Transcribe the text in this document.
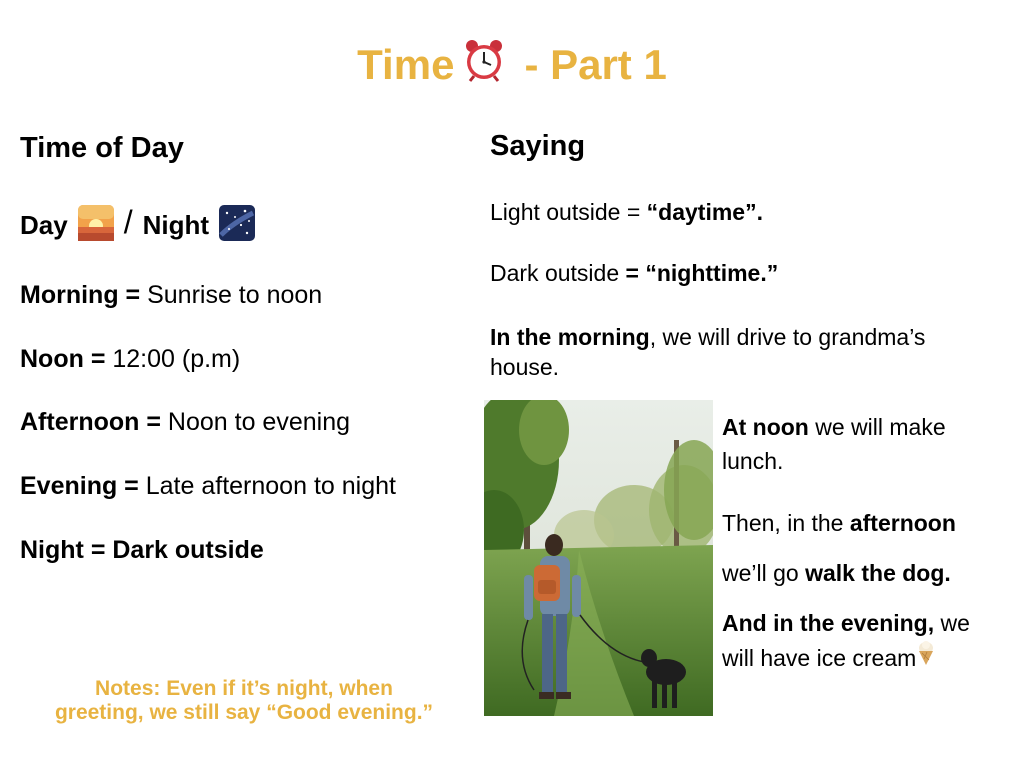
Time - Part 1
Time of Day
Day / Night
Morning = Sunrise to noon
Noon = 12:00 (p.m)
Afternoon = Noon to evening
Evening = Late afternoon to night
Night = Dark outside
Notes: Even if it’s night, when
greeting, we still say “Good evening.”
Saying
Light outside = “daytime”.
Dark outside = “nighttime.”
In the morning, we will drive to grandma’s
house.
At noon we will make
lunch.
Then, in the afternoon
we’ll go walk the dog.
And in the evening, we
will have ice cream
